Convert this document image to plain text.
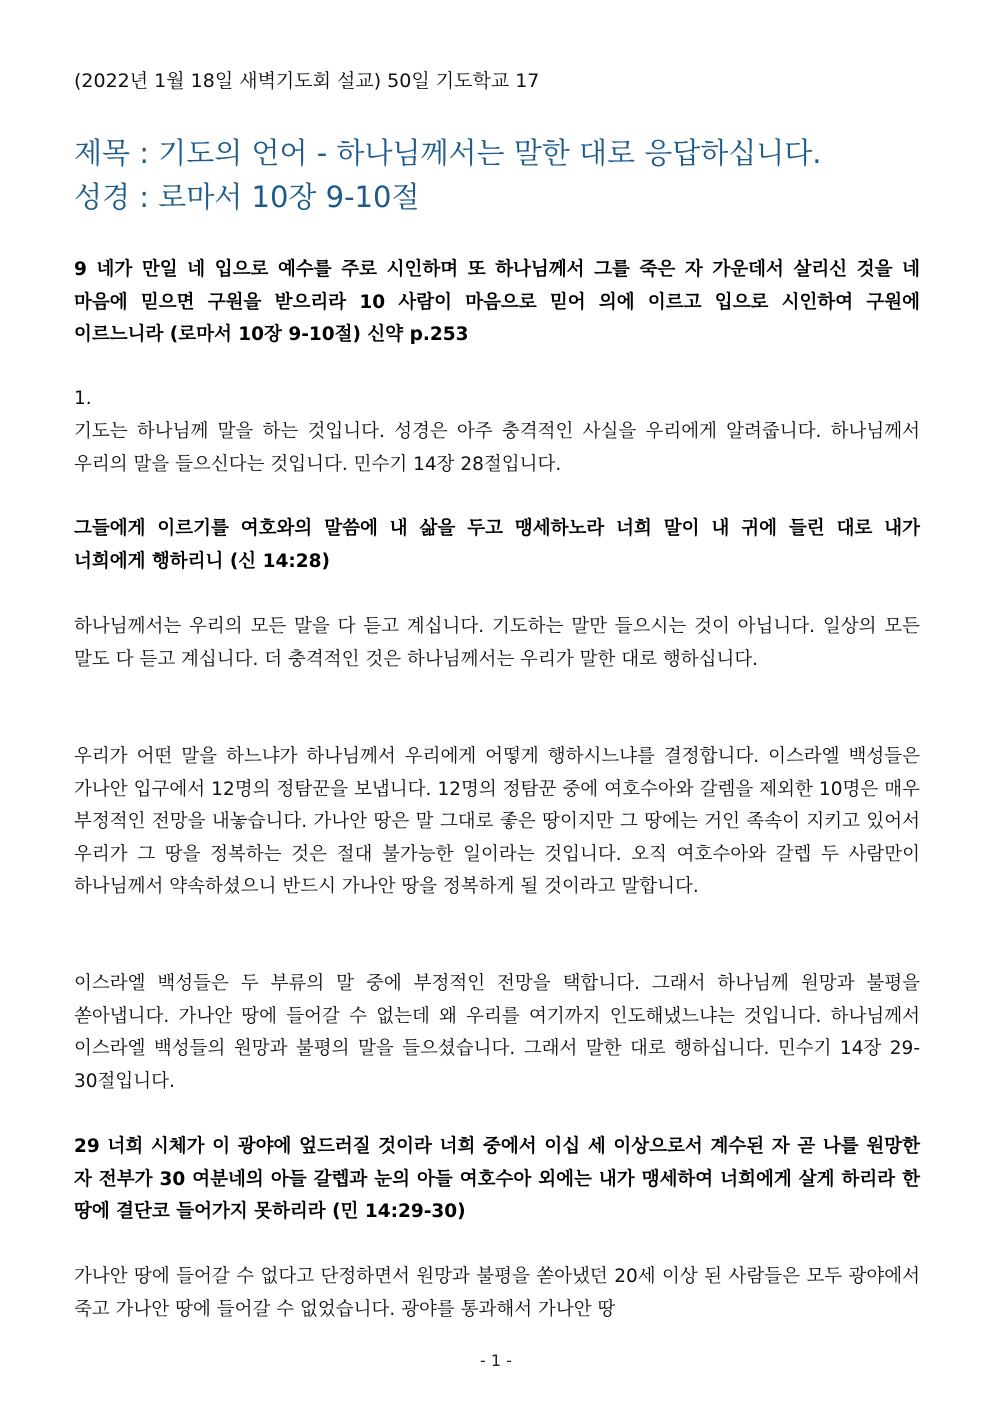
(2022년 1월 18일 새벽기도회 설교) 50일 기도학교 17
제목 : 기도의 언어 - 하나님께서는 말한 대로 응답하십니다.
성경 : 로마서 10장 9-10절
9 네가 만일 네 입으로 예수를 주로 시인하며 또 하나님께서 그를 죽은 자 가운데서 살리신 것을 네 마음에 믿으면 구원을 받으리라 10 사람이 마음으로 믿어 의에 이르고 입으로 시인하여 구원에 이르느니라 (로마서 10장 9-10절) 신약 p.253
1.
기도는 하나님께 말을 하는 것입니다. 성경은 아주 충격적인 사실을 우리에게 알려줍니다. 하나님께서 우리의 말을 들으신다는 것입니다. 민수기 14장 28절입니다.
그들에게 이르기를 여호와의 말씀에 내 삶을 두고 맹세하노라 너희 말이 내 귀에 들린 대로 내가 너희에게 행하리니 (신 14:28)
하나님께서는 우리의 모든 말을 다 듣고 계십니다. 기도하는 말만 들으시는 것이 아닙니다. 일상의 모든 말도 다 듣고 계십니다. 더 충격적인 것은 하나님께서는 우리가 말한 대로 행하십니다.
우리가 어떤 말을 하느냐가 하나님께서 우리에게 어떻게 행하시느냐를 결정합니다. 이스라엘 백성들은 가나안 입구에서 12명의 정탐꾼을 보냅니다. 12명의 정탐꾼 중에 여호수아와 갈렘을 제외한 10명은 매우 부정적인 전망을 내놓습니다. 가나안 땅은 말 그대로 좋은 땅이지만 그 땅에는 거인 족속이 지키고 있어서 우리가 그 땅을 정복하는 것은 절대 불가능한 일이라는 것입니다. 오직 여호수아와 갈렙 두 사람만이 하나님께서 약속하셨으니 반드시 가나안 땅을 정복하게 될 것이라고 말합니다.
이스라엘 백성들은 두 부류의 말 중에 부정적인 전망을 택합니다. 그래서 하나님께 원망과 불평을 쏟아냅니다. 가나안 땅에 들어갈 수 없는데 왜 우리를 여기까지 인도해냈느냐는 것입니다. 하나님께서 이스라엘 백성들의 원망과 불평의 말을 들으셨습니다. 그래서 말한 대로 행하십니다. 민수기 14장 29-30절입니다.
29 너희 시체가 이 광야에 엎드러질 것이라 너희 중에서 이십 세 이상으로서 계수된 자 곧 나를 원망한 자 전부가 30 여분네의 아들 갈렙과 눈의 아들 여호수아 외에는 내가 맹세하여 너희에게 살게 하리라 한 땅에 결단코 들어가지 못하리라 (민 14:29-30)
가나안 땅에 들어갈 수 없다고 단정하면서 원망과 불평을 쏟아냈던 20세 이상 된 사람들은 모두 광야에서 죽고 가나안 땅에 들어갈 수 없었습니다. 광야를 통과해서 가나안 땅
- 1 -
